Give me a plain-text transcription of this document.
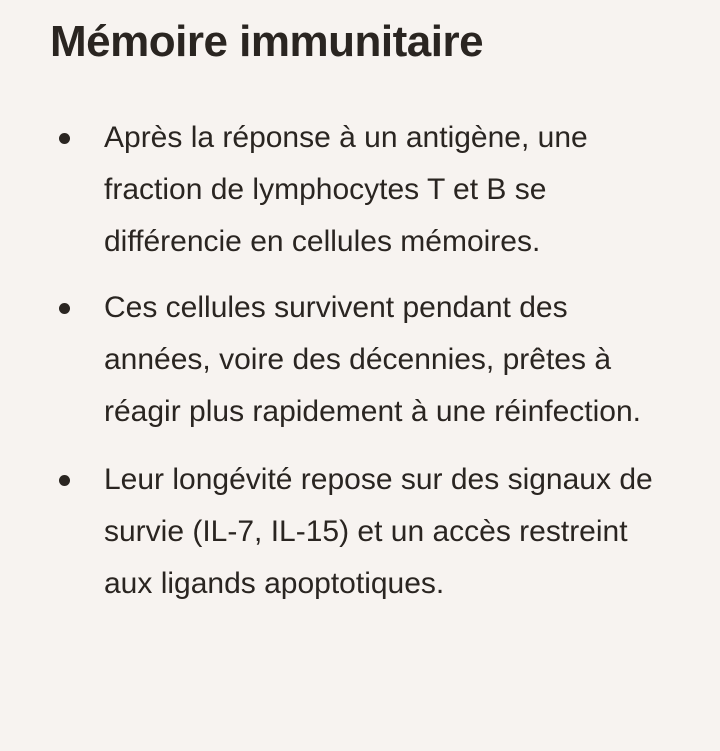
Mémoire immunitaire
Après la réponse à un antigène, une fraction de lymphocytes T et B se différencie en cellules mémoires.
Ces cellules survivent pendant des années, voire des décennies, prêtes à réagir plus rapidement à une réinfection.
Leur longévité repose sur des signaux de survie (IL-7, IL-15) et un accès restreint aux ligands apoptotiques.
